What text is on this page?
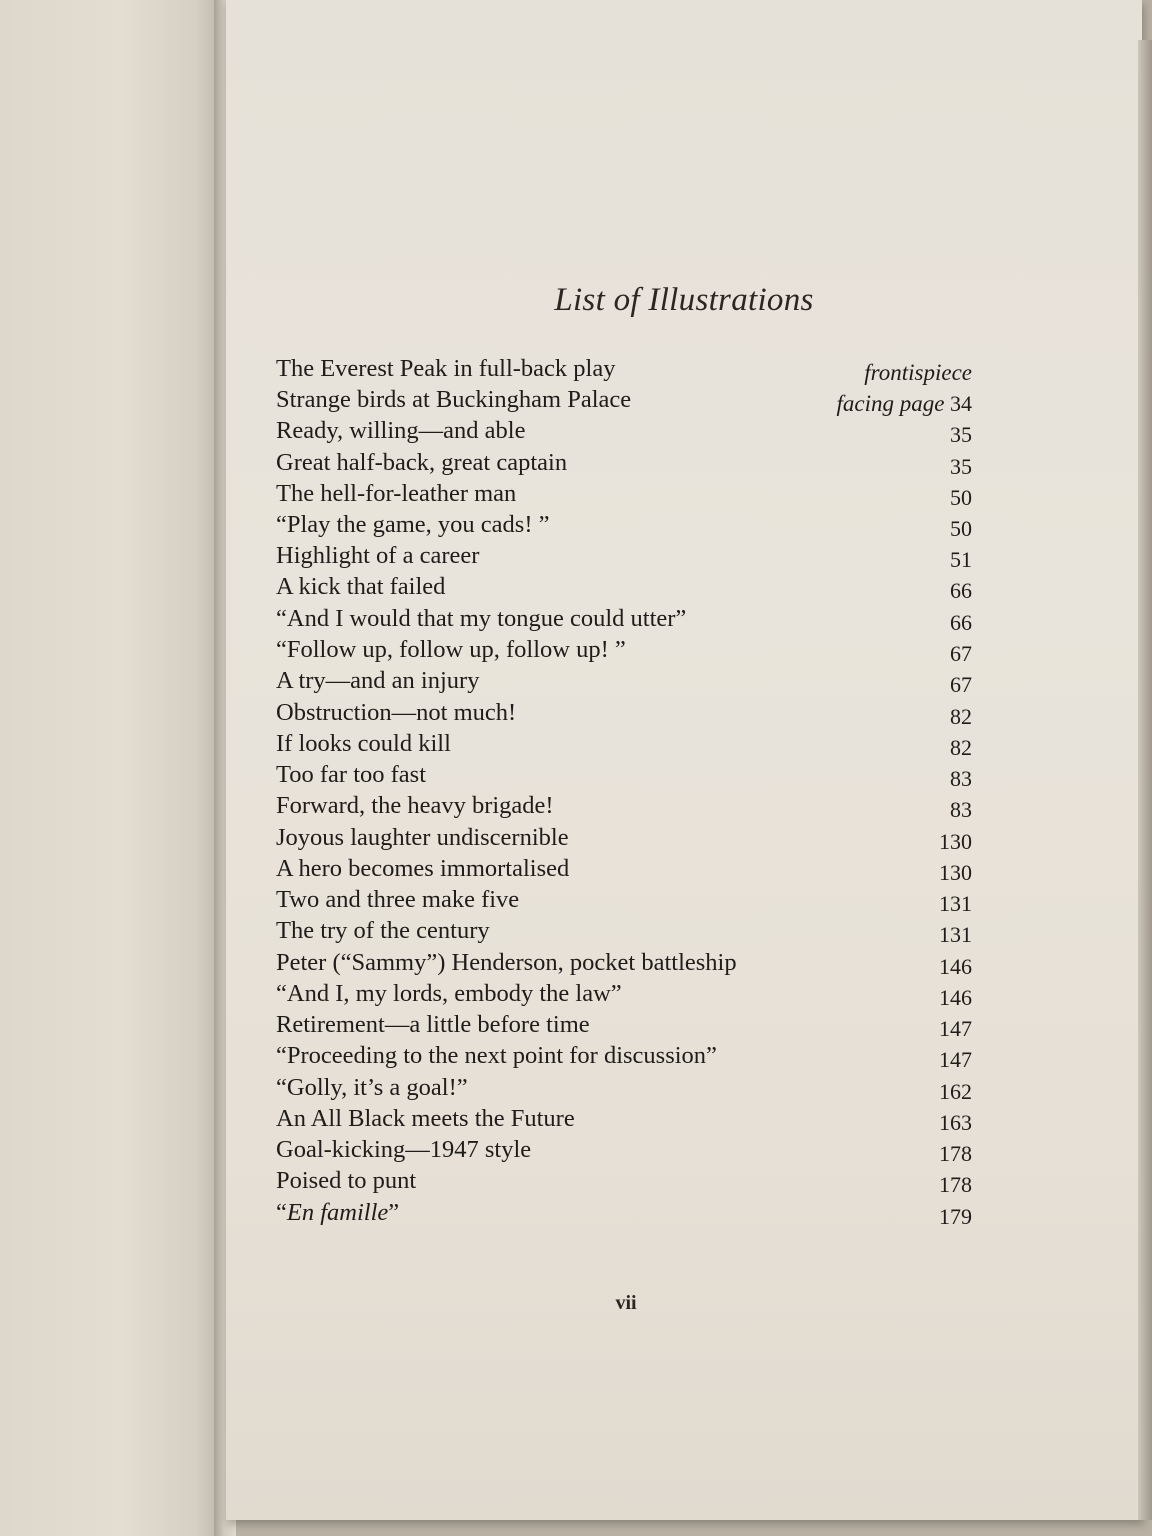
List of Illustrations
The Everest Peak in full-back play	frontispiece
Strange birds at Buckingham Palace	facing page 34
Ready, willing—and able	35
Great half-back, great captain	35
The hell-for-leather man	50
“Play the game, you cads! ”	50
Highlight of a career	51
A kick that failed	66
“And I would that my tongue could utter”	66
“Follow up, follow up, follow up! ”	67
A try—and an injury	67
Obstruction—not much!	82
If looks could kill	82
Too far too fast	83
Forward, the heavy brigade!	83
Joyous laughter undiscernible	130
A hero becomes immortalised	130
Two and three make five	131
The try of the century	131
Peter (“Sammy”) Henderson, pocket battleship	146
“And I, my lords, embody the law”	146
Retirement—a little before time	147
“Proceeding to the next point for discussion”	147
“Golly, it’s a goal!”	162
An All Black meets the Future	163
Goal-kicking—1947 style	178
Poised to punt	178
“En famille”	179
vii
